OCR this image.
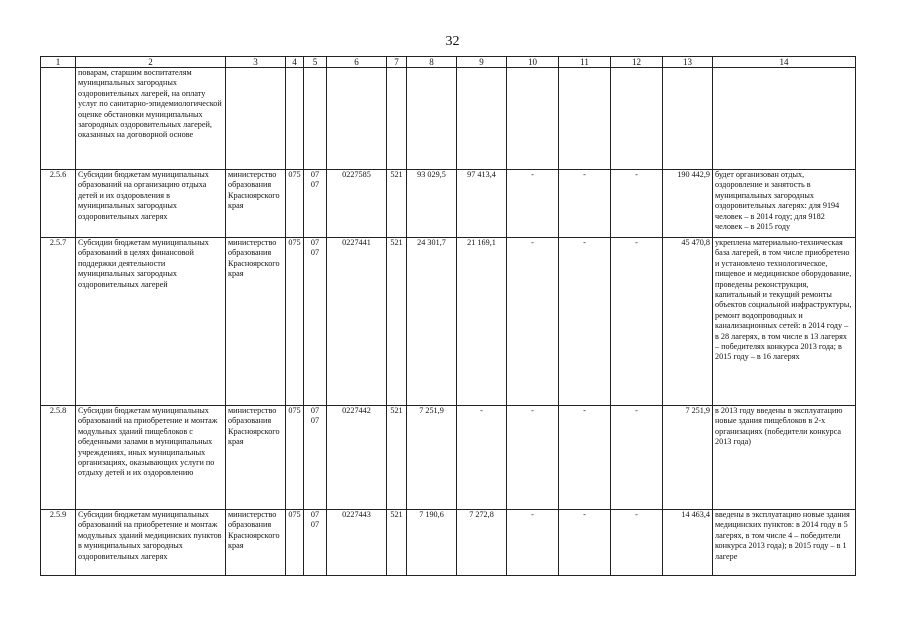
32
1	2	3	4	5	6	7	8	9	10	11	12	13	14
	поварам, старшим воспитателям муниципальных загородных оздоровительных лагерей, на оплату услуг по санитарно-эпидемиологической оценке обстановки муниципальных загородных оздоровительных лагерей, оказанных на договорной основе												
2.5.6	Субсидии бюджетам муниципальных образований на организацию отдыха детей и их оздоровления в муниципальных загородных оздоровительных лагерях	министерство образования Красноярского края	075	07 07	0227585	521	93 029,5	97 413,4	-	-	-	190 442,9	будет организован отдых, оздоровление и занятость в муниципальных загородных оздоровительных лагерях: для 9194 человек – в 2014 году; для 9182 человек – в 2015 году
2.5.7	Субсидии бюджетам муниципальных образований в целях финансовой поддержки деятельности муниципальных загородных оздоровительных лагерей	министерство образования Красноярского края	075	07 07	0227441	521	24 301,7	21 169,1	-	-	-	45 470,8	укреплена материально-техническая база лагерей, в том числе приобретено и установлено технологическое, пищевое и медицинское оборудование, проведены реконструкция, капитальный и текущий ремонты объектов социальной инфраструктуры, ремонт водопроводных и канализационных сетей: в 2014 году – в 28 лагерях, в том числе в 13 лагерях – победителях конкурса 2013 года; в 2015 году – в 16 лагерях
2.5.8	Субсидии бюджетам муниципальных образований на приобретение и монтаж модульных зданий пищеблоков с обеденными залами в муниципальных учреждениях, иных муниципальных организациях, оказывающих услуги по отдыху детей и их оздоровлению	министерство образования Красноярского края	075	07 07	0227442	521	7 251,9	-	-	-	-	7 251,9	в 2013 году введены в эксплуатацию новые здания пищеблоков в 2-х организациях (победители конкурса 2013 года)
2.5.9	Субсидии бюджетам муниципальных образований на приобретение и монтаж модульных зданий медицинских пунктов в муниципальных загородных оздоровительных лагерях	министерство образования Красноярского края	075	07 07	0227443	521	7 190,6	7 272,8	-	-	-	14 463,4	введены в эксплуатацию новые здания медицинских пунктов: в 2014 году в 5 лагерях, в том числе 4 – победители конкурса 2013 года); в 2015 году – в 1 лагере
